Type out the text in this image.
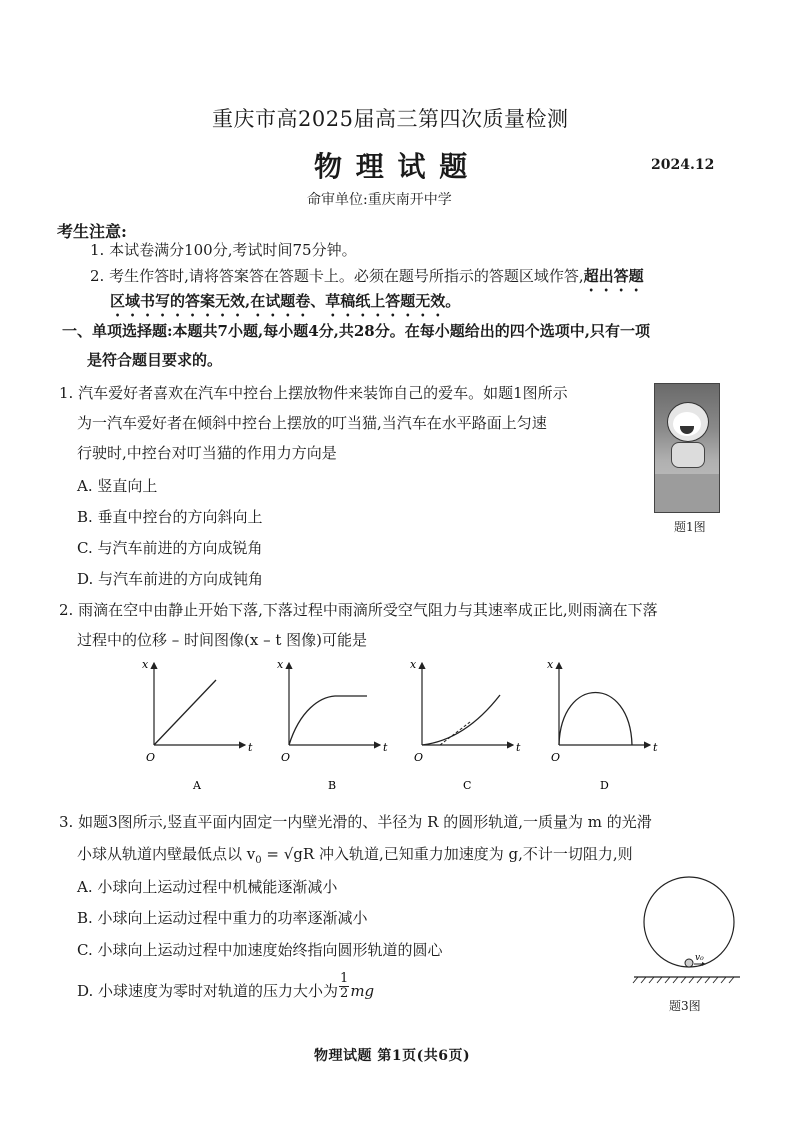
重庆市高2025届高三第四次质量检测
物 理 试 题	2024.12
命审单位:重庆南开中学
考生注意:
1. 本试卷满分100分,考试时间75分钟。
2. 考生作答时,请将答案答在答题卡上。必须在题号所指示的答题区域作答,超出答题
区域书写的答案无效,在试题卷、草稿纸上答题无效。
一、单项选择题:本题共7小题,每小题4分,共28分。在每小题给出的四个选项中,只有一项
是符合题目要求的。
1. 汽车爱好者喜欢在汽车中控台上摆放物件来装饰自己的爱车。如题1图所示
为一汽车爱好者在倾斜中控台上摆放的叮当猫,当汽车在水平路面上匀速
行驶时,中控台对叮当猫的作用力方向是
A. 竖直向上
B. 垂直中控台的方向斜向上
C. 与汽车前进的方向成锐角
D. 与汽车前进的方向成钝角
题1图
2. 雨滴在空中由静止开始下落,下落过程中雨滴所受空气阻力与其速率成正比,则雨滴在下落
过程中的位移 – 时间图像(x – t 图像)可能是
x
t
O
A
x
t
O
B
x
t
O
C
x
t
O
D
3. 如题3图所示,竖直平面内固定一内壁光滑的、半径为 R 的圆形轨道,一质量为 m 的光滑
小球从轨道内壁最低点以 $v_0 = √gR$ 冲入轨道,已知重力加速度为 g,不计一切阻力,则
A. 小球向上运动过程中机械能逐渐减小
B. 小球向上运动过程中重力的功率逐渐减小
C. 小球向上运动过程中加速度始终指向圆形轨道的圆心
D. 小球速度为零时对轨道的压力大小为 $\frac{1}{2}$ mg
v₀
题3图
物理试题 第1页(共6页)
